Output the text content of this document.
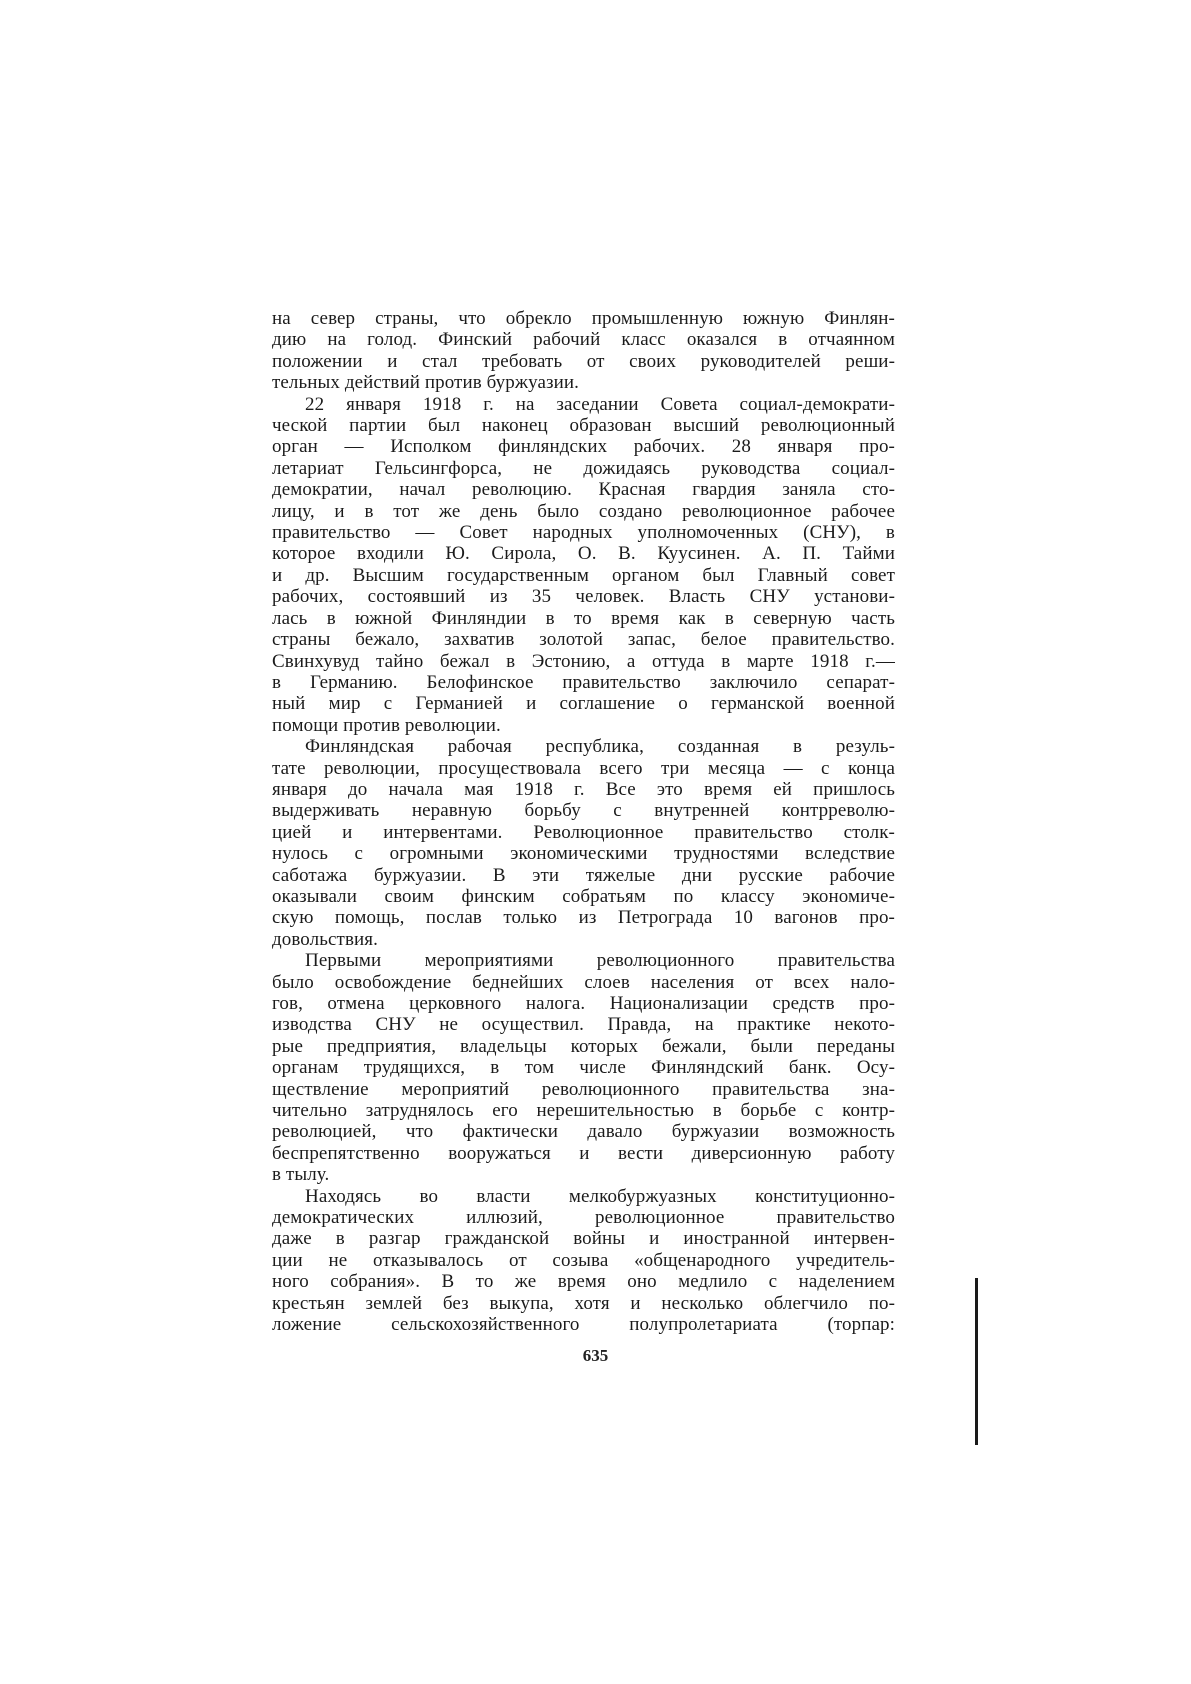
на север страны, что обрекло промышленную южную Финлян-
дию на голод. Финский рабочий класс оказался в отчаянном
положении и стал требовать от своих руководителей реши-
тельных действий против буржуазии.
22 января 1918 г. на заседании Совета социал-демократи-
ческой партии был наконец образован высший революционный
орган — Исполком финляндских рабочих. 28 января про-
летариат Гельсингфорса, не дожидаясь руководства социал-
демократии, начал революцию. Красная гвардия заняла сто-
лицу, и в тот же день было создано революционное рабочее
правительство — Совет народных уполномоченных (СНУ), в
которое входили Ю. Сирола, О. В. Куусинен. А. П. Тайми
и др. Высшим государственным органом был Главный совет
рабочих, состоявший из 35 человек. Власть СНУ установи-
лась в южной Финляндии в то время как в северную часть
страны бежало, захватив золотой запас, белое правительство.
Свинхувуд тайно бежал в Эстонию, а оттуда в марте 1918 г.—
в Германию. Белофинское правительство заключило сепарат-
ный мир с Германией и соглашение о германской военной
помощи против революции.
Финляндская рабочая республика, созданная в резуль-
тате революции, просуществовала всего три месяца — с конца
января до начала мая 1918 г. Все это время ей пришлось
выдерживать неравную борьбу с внутренней контрреволю-
цией и интервентами. Революционное правительство столк-
нулось с огромными экономическими трудностями вследствие
саботажа буржуазии. В эти тяжелые дни русские рабочие
оказывали своим финским собратьям по классу экономиче-
скую помощь, послав только из Петрограда 10 вагонов про-
довольствия.
Первыми мероприятиями революционного правительства
было освобождение беднейших слоев населения от всех нало-
гов, отмена церковного налога. Национализации средств про-
изводства СНУ не осуществил. Правда, на практике некото-
рые предприятия, владельцы которых бежали, были переданы
органам трудящихся, в том числе Финляндский банк. Осу-
ществление мероприятий революционного правительства зна-
чительно затруднялось его нерешительностью в борьбе с контр-
революцией, что фактически давало буржуазии возможность
беспрепятственно вооружаться и вести диверсионную работу
в тылу.
Находясь во власти мелкобуржуазных конституционно-
демократических иллюзий, революционное правительство
даже в разгар гражданской войны и иностранной интервен-
ции не отказывалось от созыва «общенародного учредитель-
ного собрания». В то же время оно медлило с наделением
крестьян землей без выкупа, хотя и несколько облегчило по-
ложение сельскохозяйственного полупролетариата (торпар:
635
